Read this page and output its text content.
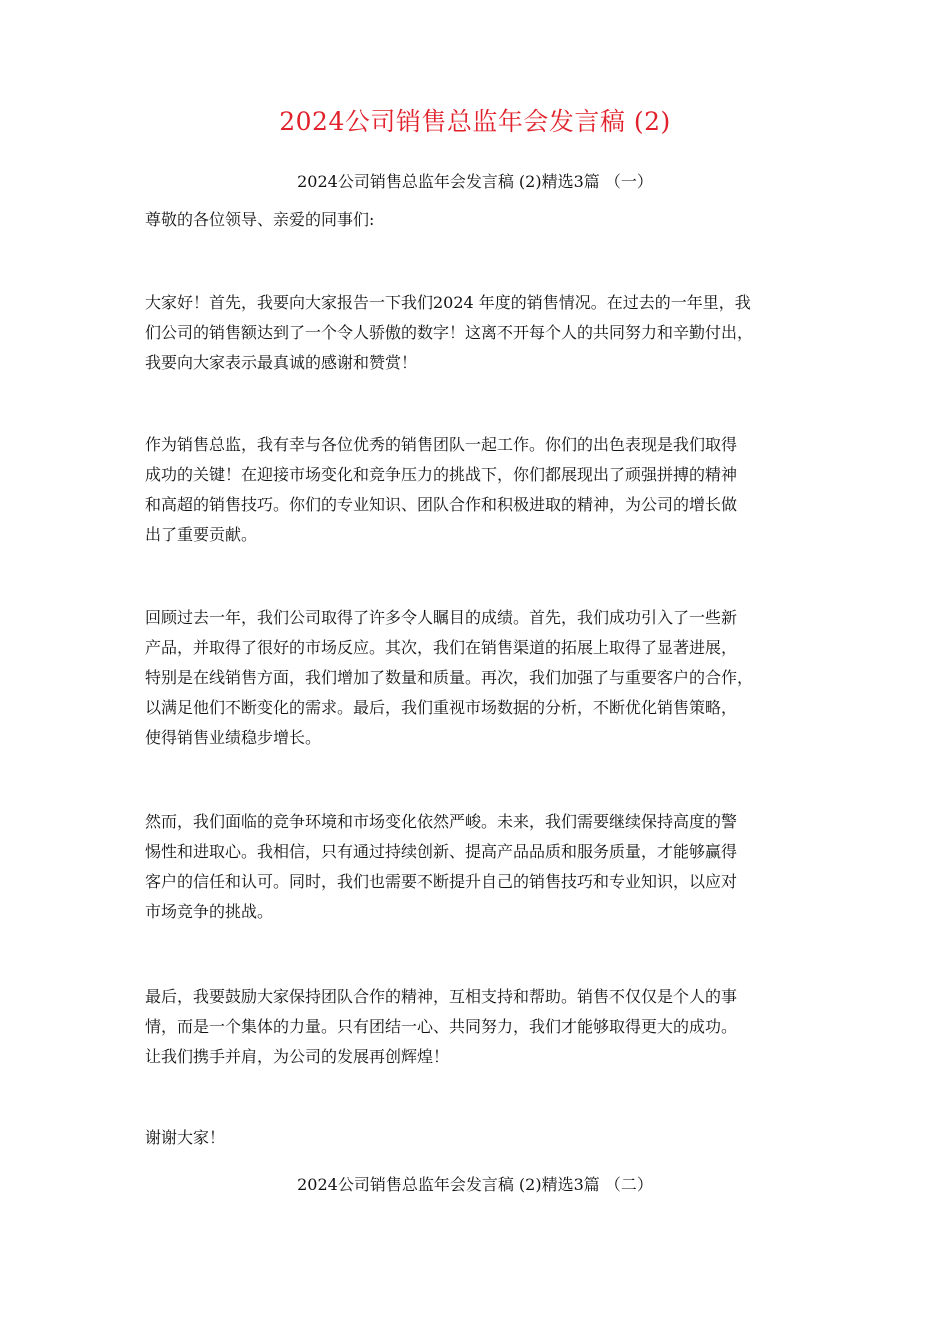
2024公司销售总监年会发言稿 (2)
2024公司销售总监年会发言稿 (2)精选3篇 （一）
尊敬的各位领导、亲爱的同事们:

大家好！首先，我要向大家报告一下我们2024 年度的销售情况。在过去的一年里，我
们公司的销售额达到了一个令人骄傲的数字！这离不开每个人的共同努力和辛勤付出，
我要向大家表示最真诚的感谢和赞赏！

作为销售总监，我有幸与各位优秀的销售团队一起工作。你们的出色表现是我们取得
成功的关键！在迎接市场变化和竞争压力的挑战下，你们都展现出了顽强拼搏的精神
和高超的销售技巧。你们的专业知识、团队合作和积极进取的精神，为公司的增长做
出了重要贡献。

回顾过去一年，我们公司取得了许多令人瞩目的成绩。首先，我们成功引入了一些新
产品，并取得了很好的市场反应。其次，我们在销售渠道的拓展上取得了显著进展，
特别是在线销售方面，我们增加了数量和质量。再次，我们加强了与重要客户的合作，
以满足他们不断变化的需求。最后，我们重视市场数据的分析，不断优化销售策略，
使得销售业绩稳步增长。

然而，我们面临的竞争环境和市场变化依然严峻。未来，我们需要继续保持高度的警
惕性和进取心。我相信，只有通过持续创新、提高产品品质和服务质量，才能够赢得
客户的信任和认可。同时，我们也需要不断提升自己的销售技巧和专业知识，以应对
市场竞争的挑战。

最后，我要鼓励大家保持团队合作的精神，互相支持和帮助。销售不仅仅是个人的事
情，而是一个集体的力量。只有团结一心、共同努力，我们才能够取得更大的成功。
让我们携手并肩，为公司的发展再创辉煌！

谢谢大家！
2024公司销售总监年会发言稿 (2)精选3篇 （二）
